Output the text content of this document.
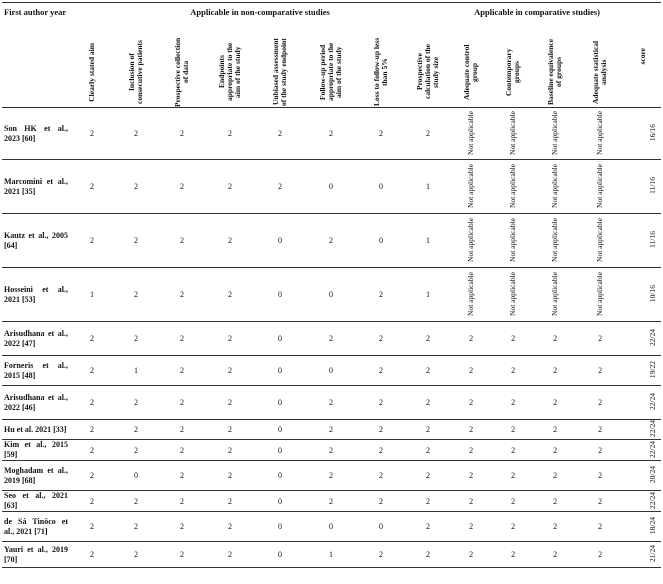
First author year	Applicable in non-comparative studies								Applicable in comparative studies)				score

	Clearly stated aim	Inclusion of consecutive patients	Prospective collection of data	Endpoints appropriate to the aim of the study	Unbiased assessment of the study endpoint	Follow-up period appropriate to the aim of the study	Loss to follow-up less than 5%	Prospective calculation of the study size	Adequate control group	Contemporary groups	Baseline equivalence of groups	Adequate statistical analysis	

Son HK et al., 2023 [60]	2	2	2	2	2	2	2	2	Not applicable	Not applicable	Not applicable	Not applicable	16/16
Marcomini et al., 2021 [35]	2	2	2	2	2	0	0	1	Not applicable	Not applicable	Not applicable	Not applicable	11/16
Kautz et al., 2005 [64]	2	2	2	2	0	2	0	1	Not applicable	Not applicable	Not applicable	Not applicable	11/16
Hosseini et al., 2021 [53]	1	2	2	2	0	0	2	1	Not applicable	Not applicable	Not applicable	Not applicable	10/16
Arisudhana et al., 2022 [47]	2	2	2	2	0	2	2	2	2	2	2	2	22/24
Forneris et al., 2015 [48]	2	1	2	2	0	0	2	2	2	2	2	2	19/22
Arisudhana et al., 2022 [46]	2	2	2	2	0	2	2	2	2	2	2	2	22/24
Hu et al. 2021 [33]	2	2	2	2	0	2	2	2	2	2	2	2	22/24
Kim et al., 2015 [59]	2	2	2	2	0	2	2	2	2	2	2	2	22/24
Moghadam et al., 2019 [68]	2	0	2	2	0	2	2	2	2	2	2	2	20/24
Seo et al., 2021 [63]	2	2	2	2	0	2	2	2	2	2	2	2	22/24
de Sá Tinôco et al., 2021 [71]	2	2	2	2	0	0	0	2	2	2	2	2	18/24
Yauri et al., 2019 [70]	2	2	2	2	0	1	2	2	2	2	2	2	21/24
